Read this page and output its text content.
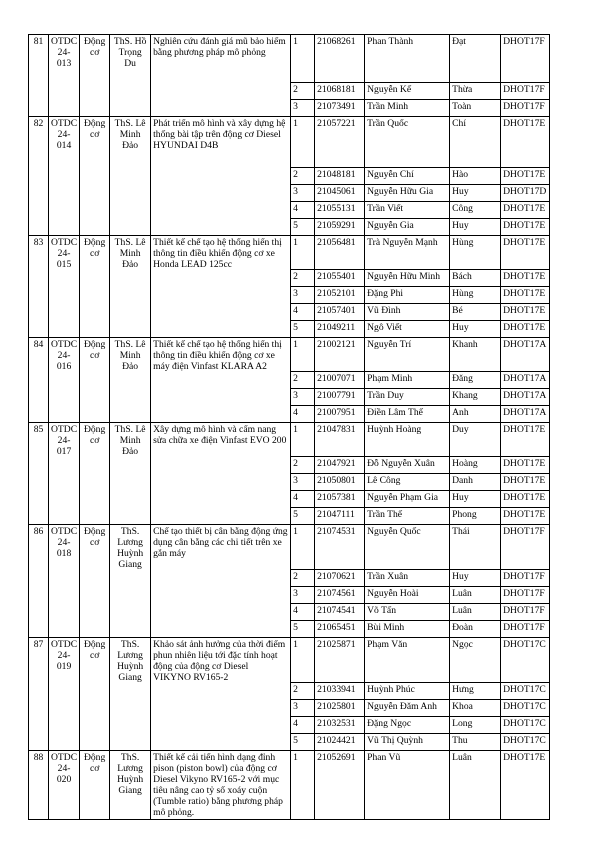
81	OTDC 24-013	Động cơ	ThS. Hồ Trọng Du	Nghiên cứu đánh giá mũ bảo hiểm bằng phương pháp mô phỏng	1	21068261	Phan Thành	Đạt	DHOT17F
					2	21068181	Nguyễn Kế	Thừa	DHOT17F
					3	21073491	Trần Minh	Toàn	DHOT17F
82	OTDC 24-014	Động cơ	ThS. Lê Minh Đảo	Phát triển mô hình và xây dựng hệ thống bài tập trên động cơ Diesel HYUNDAI D4B	1	21057221	Trần Quốc	Chí	DHOT17E
					2	21048181	Nguyễn Chí	Hào	DHOT17E
					3	21045061	Nguyễn Hữu Gia	Huy	DHOT17D
					4	21055131	Trần Viết	Công	DHOT17E
					5	21059291	Nguyễn Gia	Huy	DHOT17E
83	OTDC 24-015	Động cơ	ThS. Lê Minh Đảo	Thiết kế chế tạo hệ thống hiển thị thông tin điều khiển động cơ xe Honda LEAD 125cc	1	21056481	Trà Nguyễn Mạnh	Hùng	DHOT17E
					2	21055401	Nguyễn Hữu Minh	Bách	DHOT17E
					3	21052101	Đặng Phi	Hùng	DHOT17E
					4	21057401	Vũ Đình	Bé	DHOT17E
					5	21049211	Ngô Viết	Huy	DHOT17E
84	OTDC 24-016	Động cơ	ThS. Lê Minh Đảo	Thiết kế chế tạo hệ thống hiển thị thông tin điều khiển động cơ xe máy điện Vinfast KLARA A2	1	21002121	Nguyễn Trí	Khanh	DHOT17A
					2	21007071	Phạm Minh	Đăng	DHOT17A
					3	21007791	Trần Duy	Khang	DHOT17A
					4	21007951	Điền Lâm Thế	Anh	DHOT17A
85	OTDC 24-017	Động cơ	ThS. Lê Minh Đảo	Xây dựng mô hình và cẩm nang sửa chữa xe điện Vinfast EVO 200	1	21047831	Huỳnh Hoàng	Duy	DHOT17E
					2	21047921	Đỗ Nguyễn Xuân	Hoàng	DHOT17E
					3	21050801	Lê Công	Danh	DHOT17E
					4	21057381	Nguyễn Phạm Gia	Huy	DHOT17E
					5	21047111	Trần Thế	Phong	DHOT17E
86	OTDC 24-018	Động cơ	ThS. Lương Huỳnh Giang	Chế tạo thiết bị cân bằng động ứng dụng cân bằng các chi tiết trên xe gắn máy	1	21074531	Nguyễn Quốc	Thái	DHOT17F
					2	21070621	Trần Xuân	Huy	DHOT17F
					3	21074561	Nguyễn Hoài	Luân	DHOT17F
					4	21074541	Võ Tấn	Luân	DHOT17F
					5	21065451	Bùi Minh	Đoàn	DHOT17F
87	OTDC 24-019	Động cơ	ThS. Lương Huỳnh Giang	Khảo sát ảnh hưởng của thời điểm phun nhiên liệu tới đặc tính hoạt động của động cơ Diesel VIKYNO RV165-2	1	21025871	Phạm Văn	Ngọc	DHOT17C
					2	21033941	Huỳnh Phúc	Hưng	DHOT17C
					3	21025801	Nguyễn Đăm Anh	Khoa	DHOT17C
					4	21032531	Đặng Ngọc	Long	DHOT17C
					5	21024421	Vũ Thị Quỳnh	Thu	DHOT17C
88	OTDC 24-020	Động cơ	ThS. Lương Huỳnh Giang	Thiết kế cải tiến hình dạng đỉnh pison (piston bowl) của động cơ Diesel Vikyno RV165-2 với mục tiêu nâng cao tỷ số xoáy cuộn (Tumble ratio) bằng phương pháp mô phỏng.	1	21052691	Phan Vũ	Luân	DHOT17E
